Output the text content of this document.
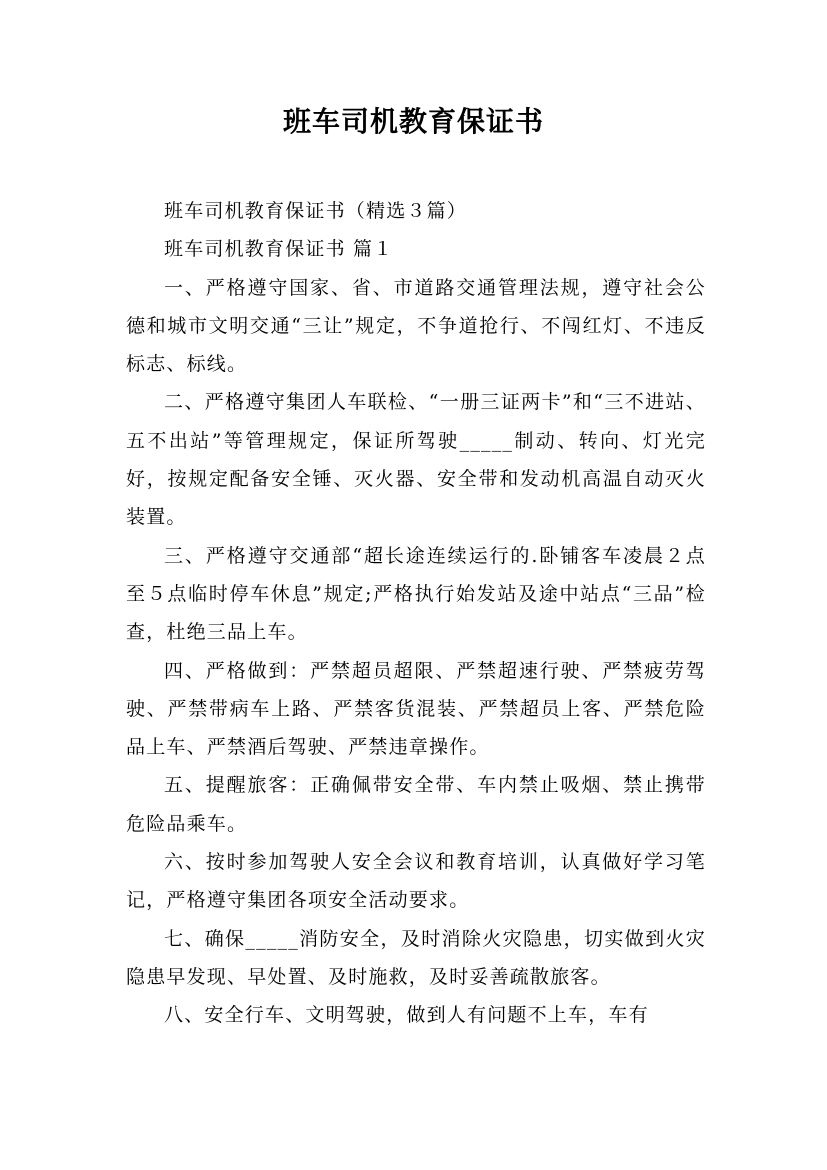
班车司机教育保证书

班车司机教育保证书（精选３篇）

班车司机教育保证书 篇１

一、严格遵守国家、省、市道路交通管理法规，遵守社会公德和城市文明交通“三让”规定，不争道抢行、不闯红灯、不违反标志、标线。

二、严格遵守集团人车联检、“一册三证两卡”和“三不进站、五不出站”等管理规定，保证所驾驶_____制动、转向、灯光完好，按规定配备安全锤、灭火器、安全带和发动机高温自动灭火装置。

三、严格遵守交通部“超长途连续运行的.卧铺客车凌晨２点至５点临时停车休息”规定;严格执行始发站及途中站点“三品”检查，杜绝三品上车。

四、严格做到：严禁超员超限、严禁超速行驶、严禁疲劳驾驶、严禁带病车上路、严禁客货混装、严禁超员上客、严禁危险品上车、严禁酒后驾驶、严禁违章操作。

五、提醒旅客：正确佩带安全带、车内禁止吸烟、禁止携带危险品乘车。

六、按时参加驾驶人安全会议和教育培训，认真做好学习笔记，严格遵守集团各项安全活动要求。

七、确保_____消防安全，及时消除火灾隐患，切实做到火灾隐患早发现、早处置、及时施救，及时妥善疏散旅客。

八、安全行车、文明驾驶，做到人有问题不上车，车有
